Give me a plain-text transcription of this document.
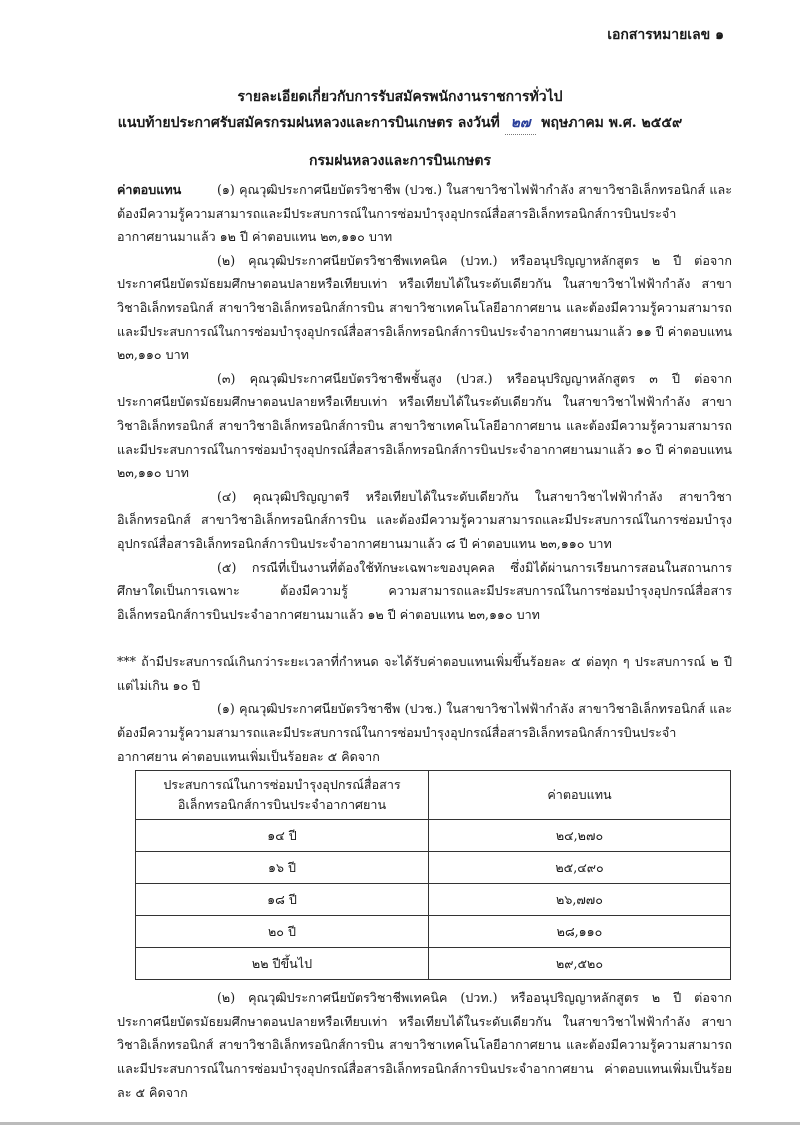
เอกสารหมายเลข ๑
รายละเอียดเกี่ยวกับการรับสมัครพนักงานราชการทั่วไป
แนบท้ายประกาศรับสมัครกรมฝนหลวงและการบินเกษตร ลงวันที่ ๒๗ พฤษภาคม พ.ศ. ๒๕๕๙
กรมฝนหลวงและการบินเกษตร

ค่าตอบแทน	(๑) คุณวุฒิประกาศนียบัตรวิชาชีพ (ปวช.) ในสาขาวิชาไฟฟ้ากำลัง สาขาวิชาอิเล็กทรอนิกส์ และต้องมีความรู้ความสามารถและมีประสบการณ์ในการซ่อมบำรุงอุปกรณ์สื่อสารอิเล็กทรอนิกส์การบินประจำอากาศยานมาแล้ว ๑๒ ปี ค่าตอบแทน ๒๓,๑๑๐ บาท

(๒) คุณวุฒิประกาศนียบัตรวิชาชีพเทคนิค (ปวท.) หรืออนุปริญญาหลักสูตร ๒ ปี ต่อจากประกาศนียบัตรมัธยมศึกษาตอนปลายหรือเทียบเท่า หรือเทียบได้ในระดับเดียวกัน ในสาขาวิชาไฟฟ้ากำลัง สาขาวิชาอิเล็กทรอนิกส์ สาขาวิชาอิเล็กทรอนิกส์การบิน สาขาวิชาเทคโนโลยีอากาศยาน และต้องมีความรู้ความสามารถและมีประสบการณ์ในการซ่อมบำรุงอุปกรณ์สื่อสารอิเล็กทรอนิกส์การบินประจำอากาศยานมาแล้ว ๑๑ ปี ค่าตอบแทน ๒๓,๑๑๐ บาท

(๓) คุณวุฒิประกาศนียบัตรวิชาชีพชั้นสูง (ปวส.) หรืออนุปริญญาหลักสูตร ๓ ปี ต่อจากประกาศนียบัตรมัธยมศึกษาตอนปลายหรือเทียบเท่า หรือเทียบได้ในระดับเดียวกัน ในสาขาวิชาไฟฟ้ากำลัง สาขาวิชาอิเล็กทรอนิกส์ สาขาวิชาอิเล็กทรอนิกส์การบิน สาขาวิชาเทคโนโลยีอากาศยาน และต้องมีความรู้ความสามารถและมีประสบการณ์ในการซ่อมบำรุงอุปกรณ์สื่อสารอิเล็กทรอนิกส์การบินประจำอากาศยานมาแล้ว ๑๐ ปี ค่าตอบแทน ๒๓,๑๑๐ บาท

(๔) คุณวุฒิปริญญาตรี หรือเทียบได้ในระดับเดียวกัน ในสาขาวิชาไฟฟ้ากำลัง สาขาวิชาอิเล็กทรอนิกส์ สาขาวิชาอิเล็กทรอนิกส์การบิน และต้องมีความรู้ความสามารถและมีประสบการณ์ในการซ่อมบำรุงอุปกรณ์สื่อสารอิเล็กทรอนิกส์การบินประจำอากาศยานมาแล้ว ๘ ปี ค่าตอบแทน ๒๓,๑๑๐ บาท

(๕) กรณีที่เป็นงานที่ต้องใช้ทักษะเฉพาะของบุคคล ซึ่งมิได้ผ่านการเรียนการสอนในสถานการศึกษาใดเป็นการเฉพาะ ต้องมีความรู้ ความสามารถและมีประสบการณ์ในการซ่อมบำรุงอุปกรณ์สื่อสารอิเล็กทรอนิกส์การบินประจำอากาศยานมาแล้ว ๑๒ ปี ค่าตอบแทน ๒๓,๑๑๐ บาท

*** ถ้ามีประสบการณ์เกินกว่าระยะเวลาที่กำหนด จะได้รับค่าตอบแทนเพิ่มขึ้นร้อยละ ๕ ต่อทุก ๆ ประสบการณ์ ๒ ปี แต่ไม่เกิน ๑๐ ปี

(๑) คุณวุฒิประกาศนียบัตรวิชาชีพ (ปวช.) ในสาขาวิชาไฟฟ้ากำลัง สาขาวิชาอิเล็กทรอนิกส์ และต้องมีความรู้ความสามารถและมีประสบการณ์ในการซ่อมบำรุงอุปกรณ์สื่อสารอิเล็กทรอนิกส์การบินประจำอากาศยาน ค่าตอบแทนเพิ่มเป็นร้อยละ ๕ คิดจาก

ประสบการณ์ในการซ่อมบำรุงอุปกรณ์สื่อสาร
อิเล็กทรอนิกส์การบินประจำอากาศยาน	ค่าตอบแทน
๑๔ ปี	๒๔,๒๗๐
๑๖ ปี	๒๕,๔๙๐
๑๘ ปี	๒๖,๗๗๐
๒๐ ปี	๒๘,๑๑๐
๒๒ ปีขึ้นไป	๒๙,๕๒๐

(๒) คุณวุฒิประกาศนียบัตรวิชาชีพเทคนิค (ปวท.) หรืออนุปริญญาหลักสูตร ๒ ปี ต่อจากประกาศนียบัตรมัธยมศึกษาตอนปลายหรือเทียบเท่า หรือเทียบได้ในระดับเดียวกัน ในสาขาวิชาไฟฟ้ากำลัง สาขาวิชาอิเล็กทรอนิกส์ สาขาวิชาอิเล็กทรอนิกส์การบิน สาขาวิชาเทคโนโลยีอากาศยาน และต้องมีความรู้ความสามารถและมีประสบการณ์ในการซ่อมบำรุงอุปกรณ์สื่อสารอิเล็กทรอนิกส์การบินประจำอากาศยาน ค่าตอบแทนเพิ่มเป็นร้อยละ ๕ คิดจาก
